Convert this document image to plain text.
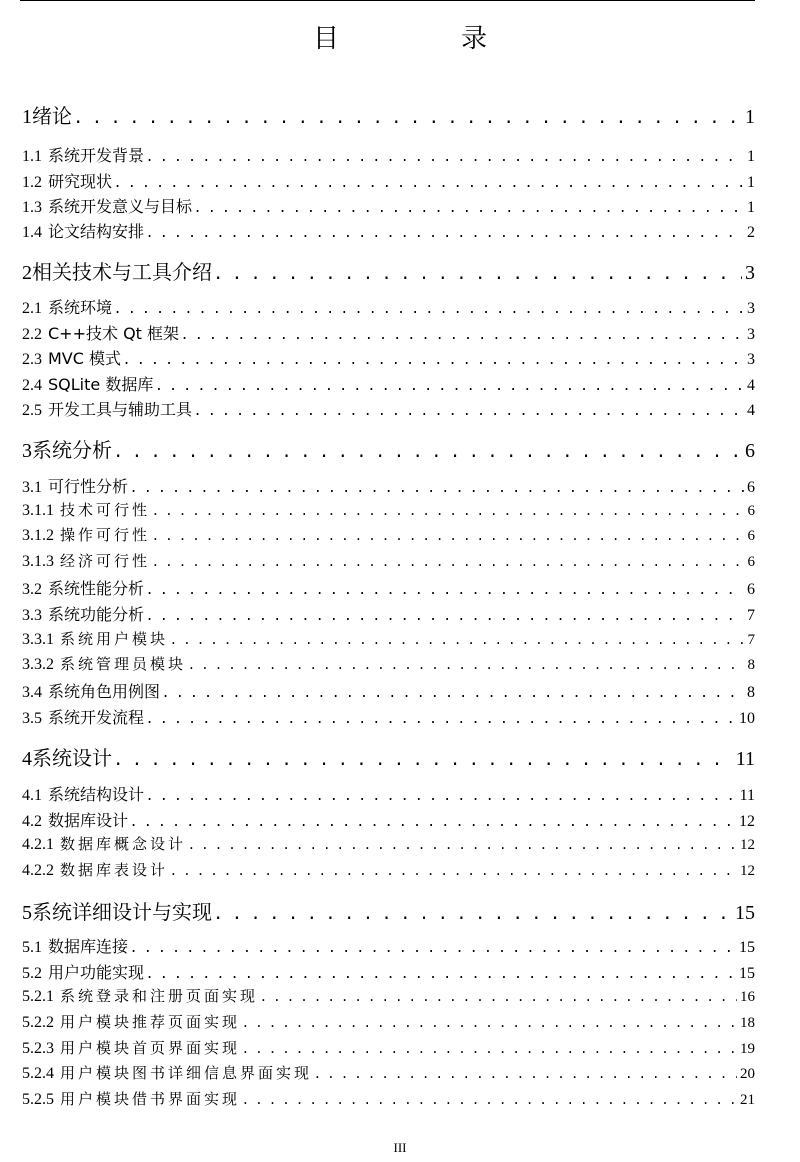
目　录
1 绪论 . . .	1
1.1 系统开发背景 . . .	1
1.2 研究现状 . . .	1
1.3 系统开发意义与目标 . . .	1
1.4 论文结构安排 . . .	2
2 相关技术与工具介绍 . . .	3
2.1 系统环境 . . .	3
2.2 C++技术 Qt 框架 . . .	3
2.3 MVC 模式 . . .	3
2.4 SQLite 数据库 . . .	4
2.5 开发工具与辅助工具 . . .	4
3 系统分析 . . .	6
3.1 可行性分析 . . .	6
3.1.1 技术可行性 . . .	6
3.1.2 操作可行性 . . .	6
3.1.3 经济可行性 . . .	6
3.2 系统性能分析 . . .	6
3.3 系统功能分析 . . .	7
3.3.1 系统用户模块 . . .	7
3.3.2 系统管理员模块 . . .	8
3.4 系统角色用例图 . . .	8
3.5 系统开发流程 . . .	10
4 系统设计 . . .	11
4.1 系统结构设计 . . .	11
4.2 数据库设计 . . .	12
4.2.1 数据库概念设计 . . .	12
4.2.2 数据库表设计 . . .	12
5 系统详细设计与实现 . . .	15
5.1 数据库连接 . . .	15
5.2 用户功能实现 . . .	15
5.2.1 系统登录和注册页面实现 . . .	16
5.2.2 用户模块推荐页面实现 . . .	18
5.2.3 用户模块首页界面实现 . . .	19
5.2.4 用户模块图书详细信息界面实现 . . .	20
5.2.5 用户模块借书界面实现 . . .	21
III
